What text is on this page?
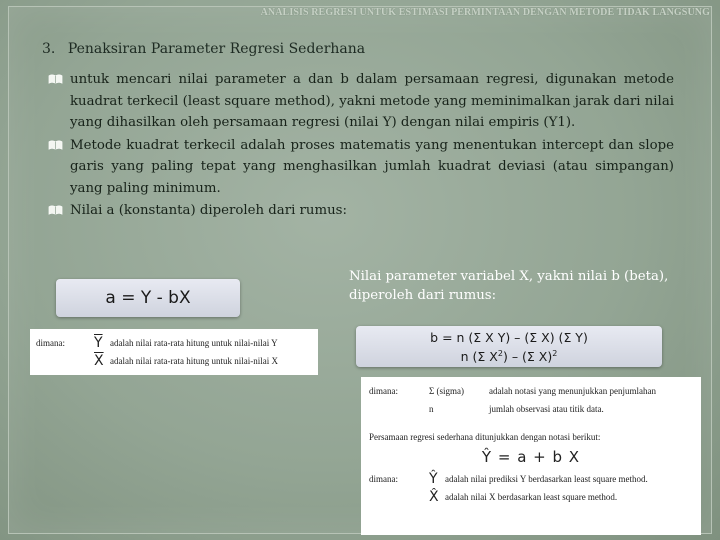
ANALISIS REGRESI UNTUK ESTIMASI PERMINTAAN DENGAN METODE TIDAK LANGSUNG
3. Penaksiran Parameter Regresi Sederhana
untuk mencari nilai parameter a dan b dalam persamaan regresi, digunakan metode kuadrat terkecil (least square method), yakni metode yang meminimalkan jarak dari nilai yang dihasilkan oleh persamaan regresi (nilai Y) dengan nilai empiris (Y1).
Metode kuadrat terkecil adalah proses matematis yang menentukan intercept dan slope garis yang paling tepat yang menghasilkan jumlah kuadrat deviasi (atau simpangan) yang paling minimum.
Nilai a (konstanta) diperoleh dari rumus:
Nilai parameter variabel X, yakni nilai b (beta), diperoleh dari rumus:
a = Y - bX
b = n (Σ X Y) – (Σ X) (Σ Y)
n (Σ $X^2) - (\Sigma$ X)$^2$
dimana:	$\overline{Y}$ adalah nilai rata-rata hitung untuk nilai-nilai Y
$\overline{X}$ adalah nilai rata-rata hitung untuk nilai-nilai X
dimana:	Σ (sigma)	adalah notasi yang menunjukkan penjumlahan
n	jumlah observasi atau titik data.
Persamaan regresi sederhana ditunjukkan dengan notasi berikut:
Ŷ = a + b X
dimana:	Ŷ adalah nilai prediksi Y berdasarkan least square method.
X̂ adalah nilai X berdasarkan least square method.
